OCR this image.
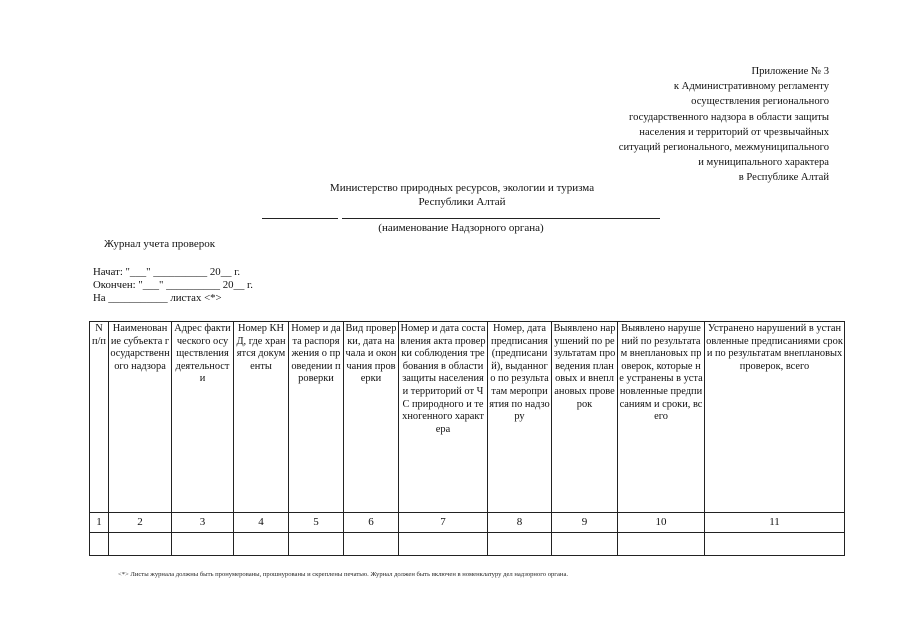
Приложение № 3
к Административному регламенту
осуществления регионального
государственного надзора в области защиты
населения и территорий от чрезвычайных
ситуаций регионального, межмуниципального
и муниципального характера
в Республике Алтай
Министерство природных ресурсов, экологии и туризма
Республики Алтай
(наименование Надзорного органа)
Журнал учета проверок
Начат: "___" __________ 20__ г.
Окончен: "___" __________ 20__ г.
На ___________ листах <*>
N п/п	Наименование субъекта государственного надзора	Адрес фактического осуществления деятельности	Номер КНД, где хранятся документы	Номер и дата распоряжения о проведении проверки	Вид проверки, дата начала и окончания проверки	Номер и дата составления акта проверки соблюдения требования в области защиты населения и территорий от ЧС природного и техногенного характера	Номер, дата предписания (предписаний), выданного по результатам мероприятия по надзору	Выявлено нарушений по результатам проведения плановых и внеплановых проверок	Выявлено нарушений по результатам внеплановых проверок, которые не устранены в установленные предписаниям и сроки, всего	Устранено нарушений в установленные предписаниями сроки по результатам внеплановых проверок, всего
1	2	3	4	5	6	7	8	9	10	11

<*> Листы журнала должны быть пронумерованы, прошнурованы и скреплены печатью. Журнал должен быть включен в номенклатуру дел надзорного органа.
